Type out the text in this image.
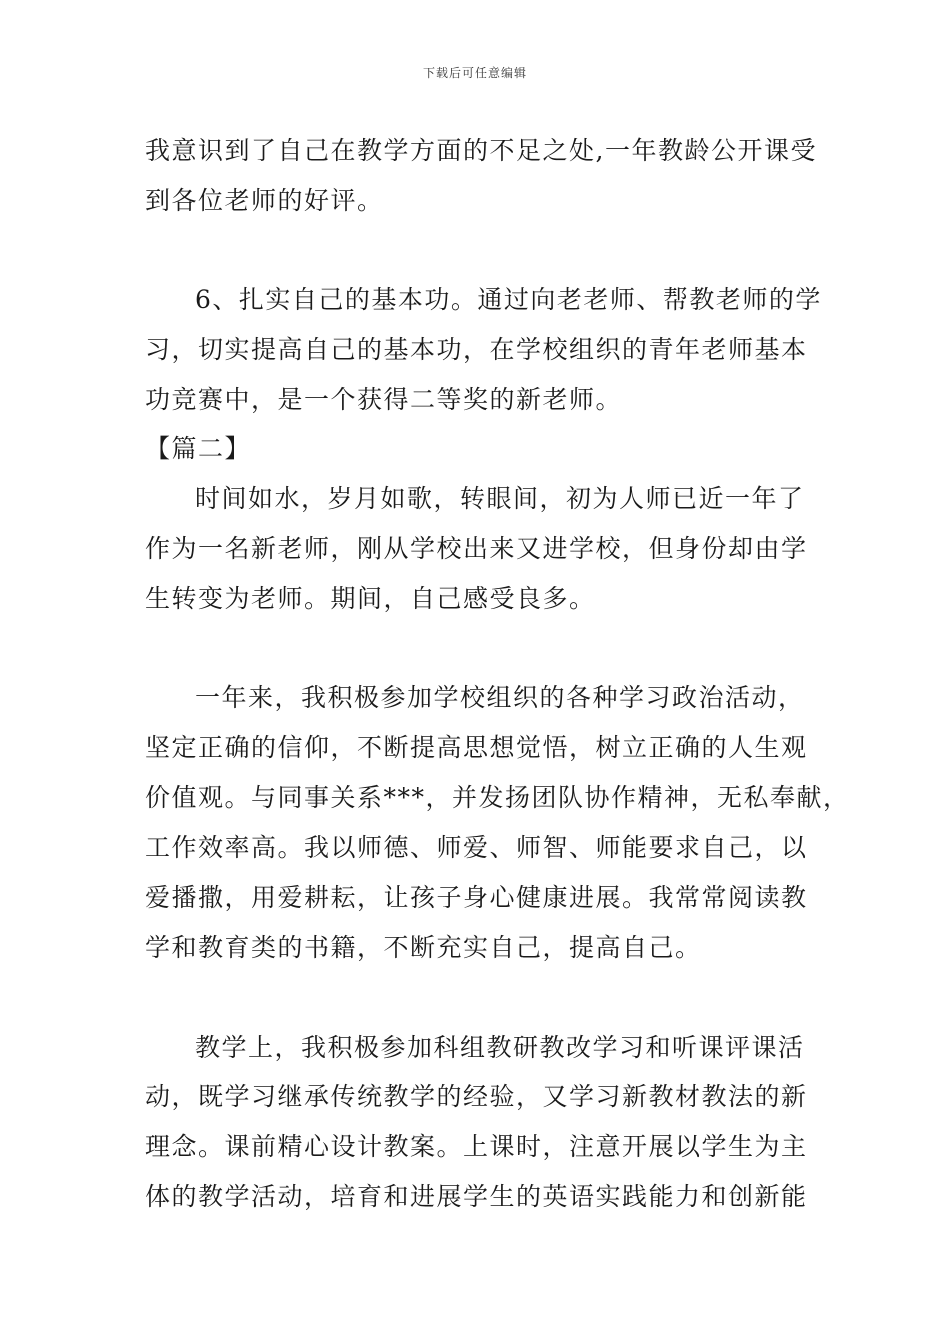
下载后可任意编辑
我意识到了自己在教学方面的不足之处,一年教龄公开课受
到各位老师的好评。
6、扎实自己的基本功。通过向老老师、帮教老师的学
习，切实提高自己的基本功，在学校组织的青年老师基本
功竞赛中，是一个获得二等奖的新老师。
【篇二】
时间如水，岁月如歌，转眼间，初为人师已近一年了
作为一名新老师，刚从学校出来又进学校，但身份却由学
生转变为老师。期间，自己感受良多。
一年来，我积极参加学校组织的各种学习政治活动，
坚定正确的信仰，不断提高思想觉悟，树立正确的人生观
价值观。与同事关系***，并发扬团队协作精神，无私奉献，
工作效率高。我以师德、师爱、师智、师能要求自己，以
爱播撒，用爱耕耘，让孩子身心健康进展。我常常阅读教
学和教育类的书籍，不断充实自己，提高自己。
教学上，我积极参加科组教研教改学习和听课评课活
动，既学习继承传统教学的经验，又学习新教材教法的新
理念。课前精心设计教案。上课时，注意开展以学生为主
体的教学活动，培育和进展学生的英语实践能力和创新能
